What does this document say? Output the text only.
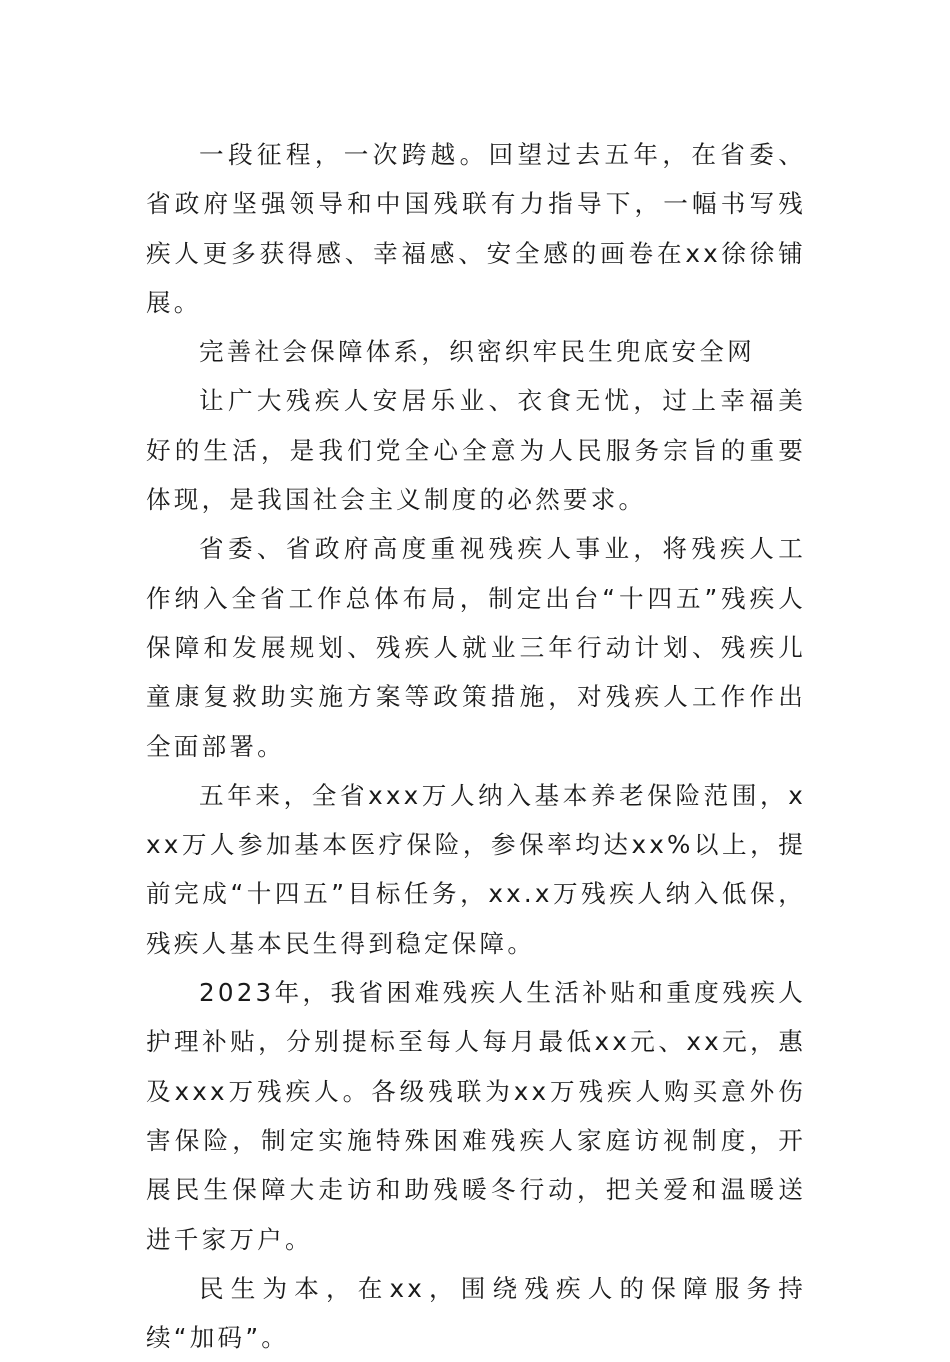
一段征程，一次跨越。回望过去五年，在省委、省政府坚强领导和中国残联有力指导下，一幅书写残疾人更多获得感、幸福感、安全感的画卷在xx徐徐铺展。

完善社会保障体系，织密织牢民生兜底安全网

让广大残疾人安居乐业、衣食无忧，过上幸福美好的生活，是我们党全心全意为人民服务宗旨的重要体现，是我国社会主义制度的必然要求。

省委、省政府高度重视残疾人事业，将残疾人工作纳入全省工作总体布局，制定出台“十四五”残疾人保障和发展规划、残疾人就业三年行动计划、残疾儿童康复救助实施方案等政策措施，对残疾人工作作出全面部署。

五年来，全省xxx万人纳入基本养老保险范围，xxx万人参加基本医疗保险，参保率均达xx%以上，提前完成“十四五”目标任务，xx.x万残疾人纳入低保，残疾人基本民生得到稳定保障。

2023年，我省困难残疾人生活补贴和重度残疾人护理补贴，分别提标至每人每月最低xx元、xx元，惠及xxx万残疾人。各级残联为xx万残疾人购买意外伤害保险，制定实施特殊困难残疾人家庭访视制度，开展民生保障大走访和助残暖冬行动，把关爱和温暖送进千家万户。

民生为本，在xx，围绕残疾人的保障服务持续“加码”。
